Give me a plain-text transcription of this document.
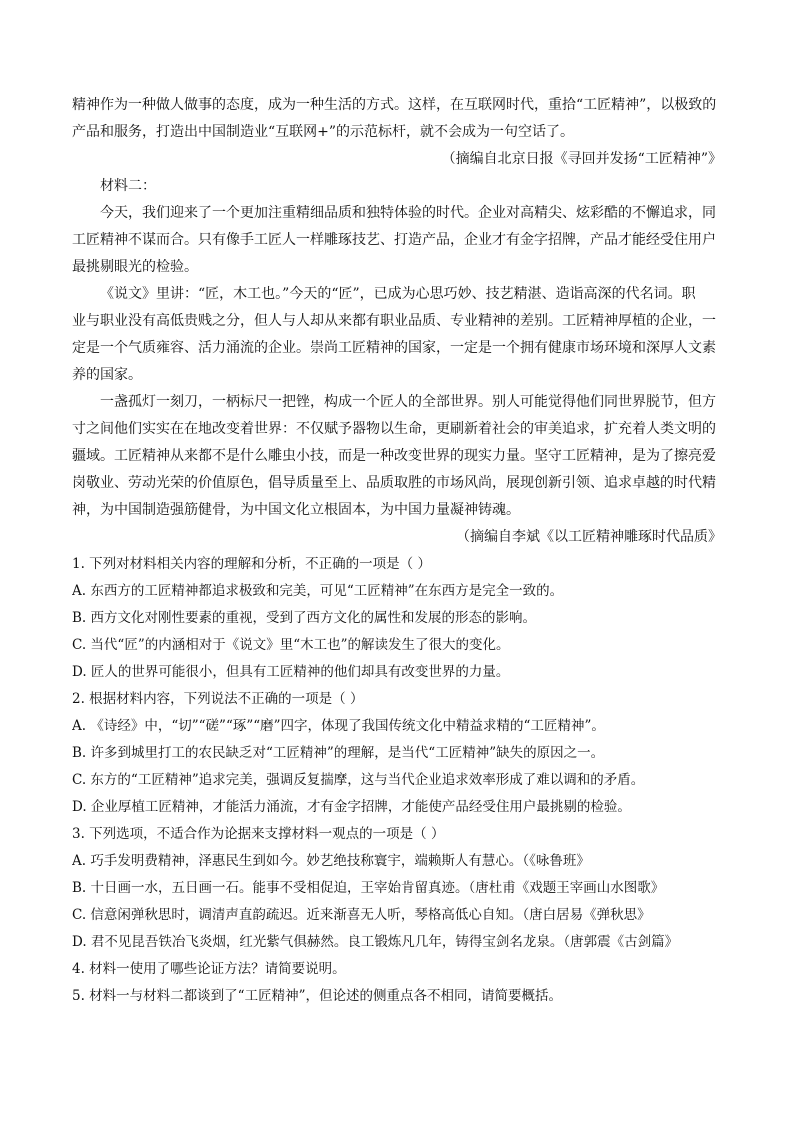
精神作为一种做人做事的态度，成为一种生活的方式。这样，在互联网时代，重拾“工匠精神”，以极致的
产品和服务，打造出中国制造业“互联网+”的示范标杆，就不会成为一句空话了。
（摘编自北京日报《寻回并发扬“工匠精神”》
材料二：
今天，我们迎来了一个更加注重精细品质和独特体验的时代。企业对高精尖、炫彩酷的不懈追求，同
工匠精神不谋而合。只有像手工匠人一样雕琢技艺、打造产品，企业才有金字招牌，产品才能经受住用户
最挑剔眼光的检验。
《说文》里讲：“匠，木工也。”今天的“匠”，已成为心思巧妙、技艺精湛、造诣高深的代名词。职
业与职业没有高低贵贱之分，但人与人却从来都有职业品质、专业精神的差别。工匠精神厚植的企业，一
定是一个气质雍容、活力涌流的企业。崇尚工匠精神的国家，一定是一个拥有健康市场环境和深厚人文素
养的国家。
一盏孤灯一刻刀，一柄标尺一把锉，构成一个匠人的全部世界。别人可能觉得他们同世界脱节，但方
寸之间他们实实在在地改变着世界：不仅赋予器物以生命，更刷新着社会的审美追求，扩充着人类文明的
疆域。工匠精神从来都不是什么雕虫小技，而是一种改变世界的现实力量。坚守工匠精神，是为了擦亮爱
岗敬业、劳动光荣的价值原色，倡导质量至上、品质取胜的市场风尚，展现创新引领、追求卓越的时代精
神，为中国制造强筋健骨，为中国文化立根固本，为中国力量凝神铸魂。
（摘编自李斌《以工匠精神雕琢时代品质》
1. 下列对材料相关内容的理解和分析，不正确的一项是（ ）
A. 东西方的工匠精神都追求极致和完美，可见“工匠精神”在东西方是完全一致的。
B. 西方文化对刚性要素的重视，受到了西方文化的属性和发展的形态的影响。
C. 当代“匠”的内涵相对于《说文》里“木工也”的解读发生了很大的变化。
D. 匠人的世界可能很小，但具有工匠精神的他们却具有改变世界的力量。
2. 根据材料内容，下列说法不正确的一项是（ ）
A. 《诗经》中，“切”“磋”“琢”“磨”四字，体现了我国传统文化中精益求精的“工匠精神”。
B. 许多到城里打工的农民缺乏对“工匠精神”的理解，是当代“工匠精神”缺失的原因之一。
C. 东方的“工匠精神”追求完美，强调反复揣摩，这与当代企业追求效率形成了难以调和的矛盾。
D. 企业厚植工匠精神，才能活力涌流，才有金字招牌，才能使产品经受住用户最挑剔的检验。
3. 下列选项，不适合作为论据来支撑材料一观点的一项是（ ）
A. 巧手发明费精神，泽惠民生到如今。妙艺绝技称寰宇，端赖斯人有慧心。（《咏鲁班》
B. 十日画一水，五日画一石。能事不受相促迫，王宰始肯留真迹。（唐杜甫《戏题王宰画山水图歌》
C. 信意闲弹秋思时，调清声直韵疏迟。近来渐喜无人听，琴格高低心自知。（唐白居易《弹秋思》
D. 君不见昆吾铁冶飞炎烟，红光紫气俱赫然。良工锻炼凡几年，铸得宝剑名龙泉。（唐郭震《古剑篇》
4. 材料一使用了哪些论证方法？请简要说明。
5. 材料一与材料二都谈到了“工匠精神”，但论述的侧重点各不相同，请简要概括。
